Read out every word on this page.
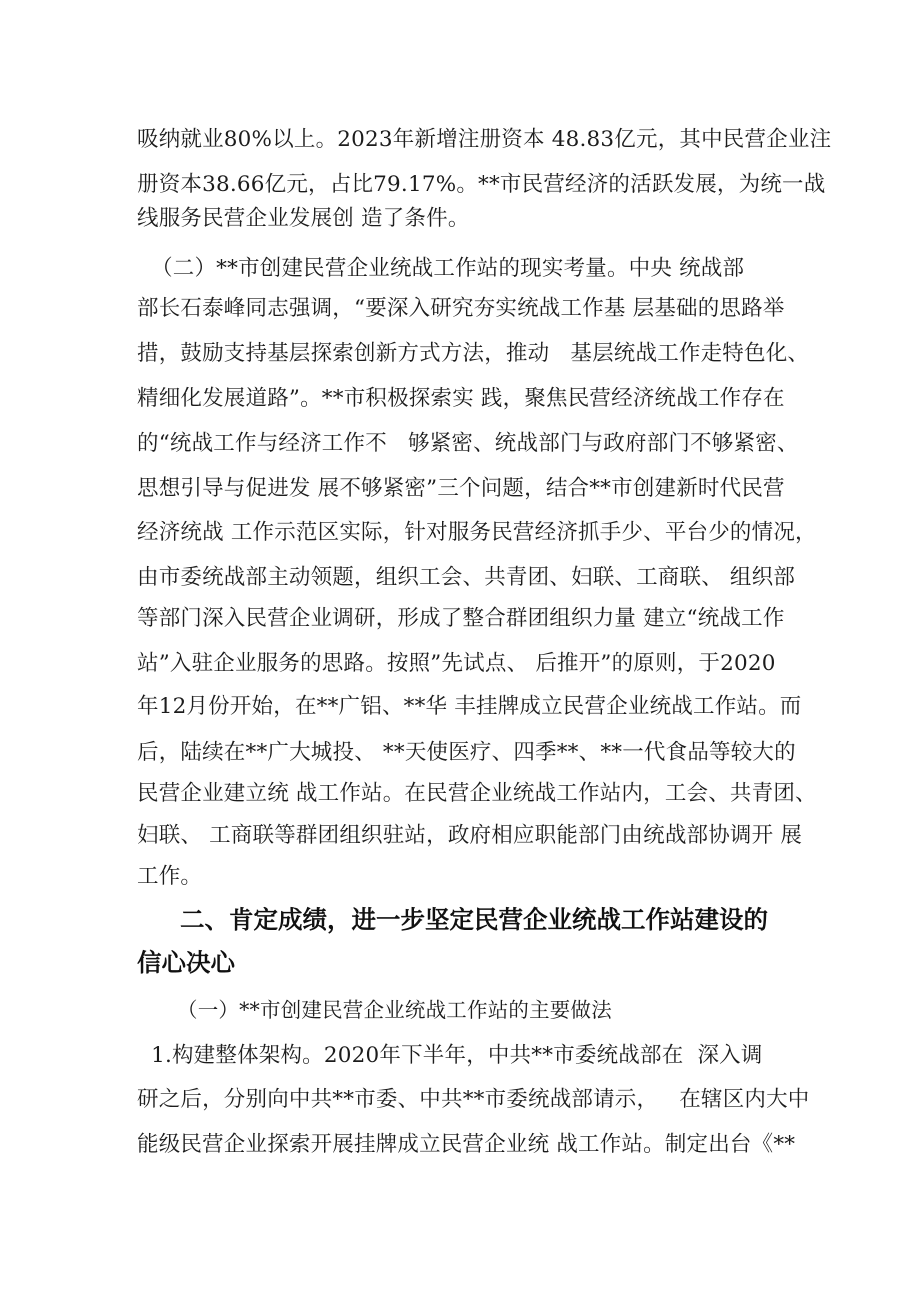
吸纳就业80%以上。2023年新增注册资本 48.83亿元，其中民营企业注
册资本38.66亿元，占比79.17%。**市民营经济的活跃发展，为统一战
线服务民营企业发展创 造了条件。
（二）**市创建民营企业统战工作站的现实考量。中央 统战部
部长石泰峰同志强调，“要深入研究夯实统战工作基 层基础的思路举
措，鼓励支持基层探索创新方式方法，推动   基层统战工作走特色化、
精细化发展道路”。**市积极探索实 践，聚焦民营经济统战工作存在
的“统战工作与经济工作不   够紧密、统战部门与政府部门不够紧密、
思想引导与促进发 展不够紧密”三个问题，结合**市创建新时代民营
经济统战 工作示范区实际，针对服务民营经济抓手少、平台少的情况，
由市委统战部主动领题，组织工会、共青团、妇联、工商联、 组织部
等部门深入民营企业调研，形成了整合群团组织力量 建立“统战工作
站”入驻企业服务的思路。按照”先试点、 后推开”的原则，于2020
年12月份开始，在**广铝、**华 丰挂牌成立民营企业统战工作站。而
后，陆续在**广大城投、 **天使医疗、四季**、**一代食品等较大的
民营企业建立统 战工作站。在民营企业统战工作站内，工会、共青团、
妇联、 工商联等群团组织驻站，政府相应职能部门由统战部协调开 展
工作。
二、肯定成绩，进一步坚定民营企业统战工作站建设的
信心决心
（一）**市创建民营企业统战工作站的主要做法
1.构建整体架构。2020年下半年，中共**市委统战部在  深入调
研之后，分别向中共**市委、中共**市委统战部请示，   在辖区内大中
能级民营企业探索开展挂牌成立民营企业统 战工作站。制定出台《**
